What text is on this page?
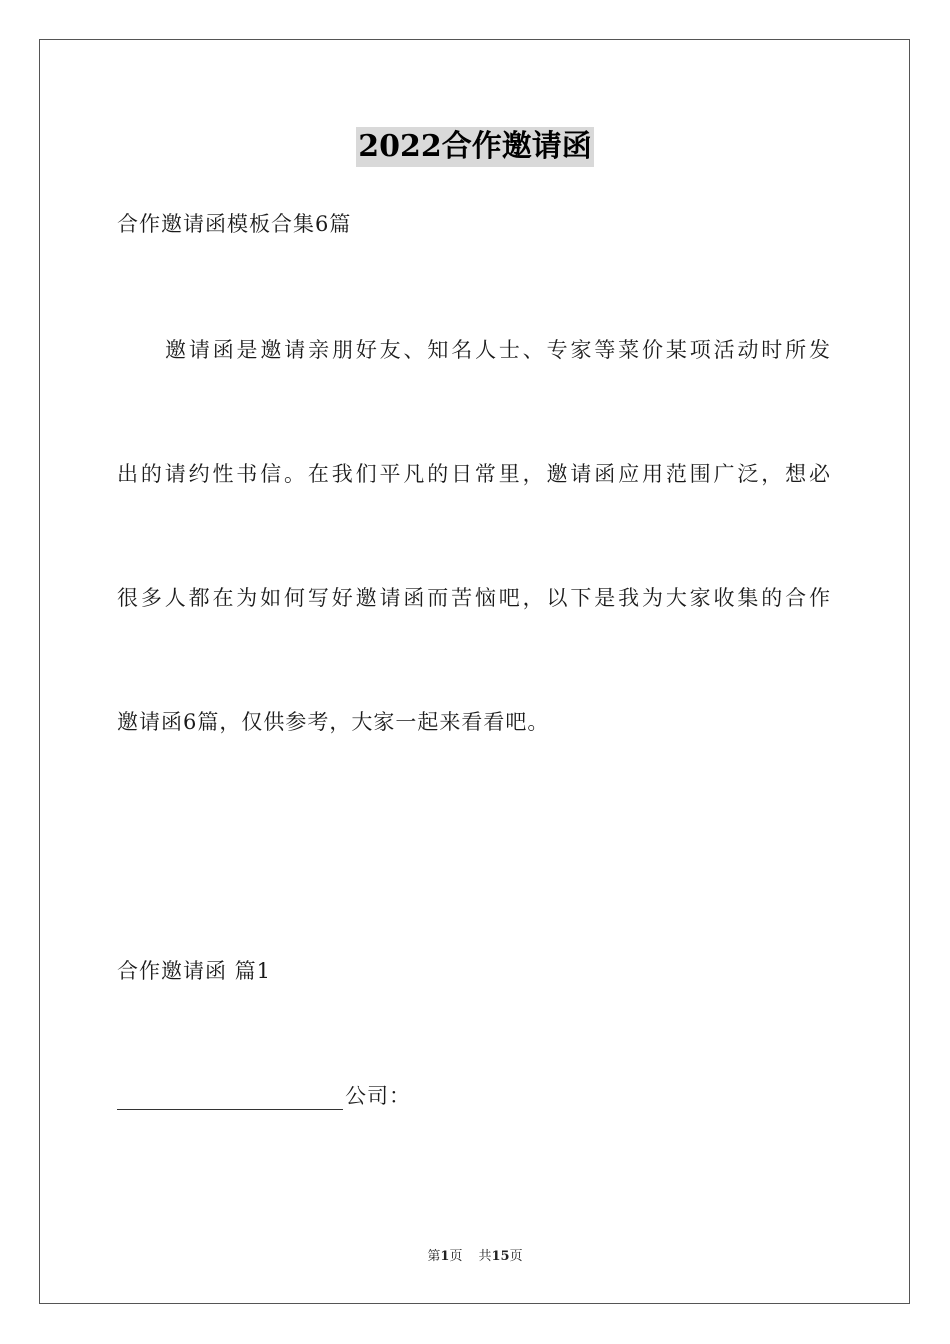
2022合作邀请函
合作邀请函模板合集6篇
邀请函是邀请亲朋好友、知名人士、专家等菜价某项活动时所发
出的请约性书信。在我们平凡的日常里，邀请函应用范围广泛，想必
很多人都在为如何写好邀请函而苦恼吧，以下是我为大家收集的合作
邀请函6篇，仅供参考，大家一起来看看吧。
合作邀请函 篇1
公司：
第1页 共15页
